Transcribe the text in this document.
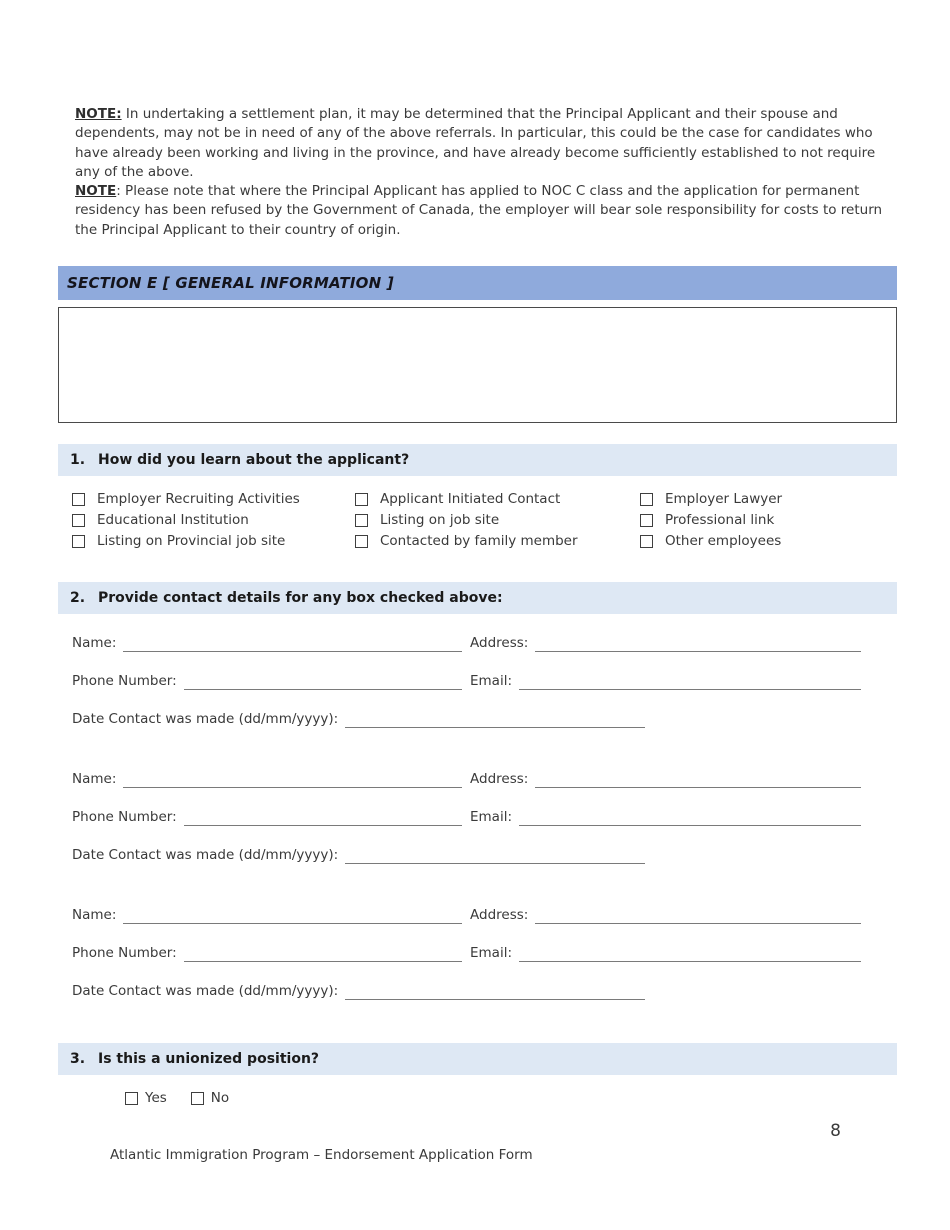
NOTE: In undertaking a settlement plan, it may be determined that the Principal Applicant and their spouse and dependents, may not be in need of any of the above referrals. In particular, this could be the case for candidates who have already been working and living in the province, and have already become sufficiently established to not require any of the above.

NOTE: Please note that where the Principal Applicant has applied to NOC C class and the application for permanent residency has been refused by the Government of Canada, the employer will bear sole responsibility for costs to return the Principal Applicant to their country of origin.

SECTION E [ GENERAL INFORMATION ]
1. How did you learn about the applicant?
Employer Recruiting Activities
Educational Institution
Listing on Provincial job site
Applicant Initiated Contact
Listing on job site
Contacted by family member
Employer Lawyer
Professional link
Other employees
2. Provide contact details for any box checked above:
Name:	Address:
Phone Number:	Email:
Date Contact was made (dd/mm/yyyy):
Name:	Address:
Phone Number:	Email:
Date Contact was made (dd/mm/yyyy):
Name:	Address:
Phone Number:	Email:
Date Contact was made (dd/mm/yyyy):
3. Is this a unionized position?
Yes	No
8
Atlantic Immigration Program – Endorsement Application Form
